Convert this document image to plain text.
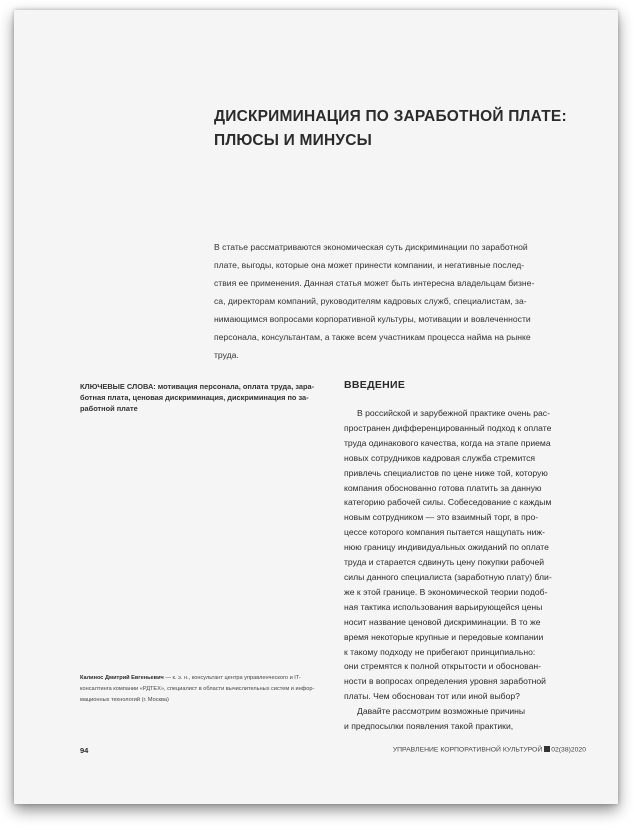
ДИСКРИМИНАЦИЯ ПО ЗАРАБОТНОЙ ПЛАТЕ:
ПЛЮСЫ И МИНУСЫ

В статье рассматриваются экономическая суть дискриминации по заработной
плате, выгоды, которые она может принести компании, и негативные послед-
ствия ее применения. Данная статья может быть интересна владельцам бизне-
са, директорам компаний, руководителям кадровых служб, специалистам, за-
нимающимся вопросами корпоративной культуры, мотивации и вовлеченности
персонала, консультантам, а также всем участникам процесса найма на рынке
труда.

КЛЮЧЕВЫЕ СЛОВА: мотивация персонала, оплата труда, зара-
ботная плата, ценовая дискриминация, дискриминация по за-
работной плате
ВВЕДЕНИЕ

В российской и зарубежной практике очень рас-
пространен дифференцированный подход к оплате
труда одинакового качества, когда на этапе приема
новых сотрудников кадровая служба стремится
привлечь специалистов по цене ниже той, которую
компания обоснованно готова платить за данную
категорию рабочей силы. Собеседование с каждым
новым сотрудником — это взаимный торг, в про-
цессе которого компания пытается нащупать ниж-
нюю границу индивидуальных ожиданий по оплате
труда и старается сдвинуть цену покупки рабочей
силы данного специалиста (заработную плату) бли-
же к этой границе. В экономической теории подоб-
ная тактика использования варьирующейся цены
носит название ценовой дискриминации. В то же
время некоторые крупные и передовые компании
к такому подходу не прибегают принципиально:
они стремятся к полной открытости и обоснован-
ности в вопросах определения уровня заработной
платы. Чем обоснован тот или иной выбор?
Давайте рассмотрим возможные причины
и предпосылки появления такой практики,

Калинос Дмитрий Евгеньевич — к. э. н., консультант центра управленческого и IT-
консалтинга компании «РДТЕХ», специалист в области вычислительных систем и инфор-
мационных технологий (г. Москва)
94	УПРАВЛЕНИЕ КОРПОРАТИВНОЙ КУЛЬТУРОЙ 02(38)2020
